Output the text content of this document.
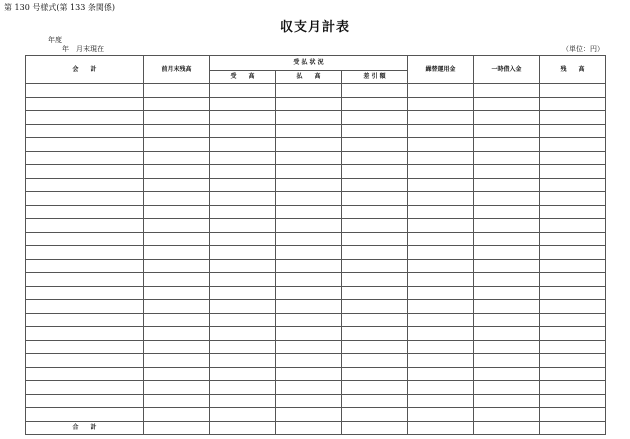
第 130 号様式(第 133 条関係)
収支月計表
年度
年　月末現在	（単位：円）
会　　計	前月末残高	受 払 状 況			繰替運用金	一時借入金	残　　高
		受　　高	払　　高	差 引 額			

合　　計							
